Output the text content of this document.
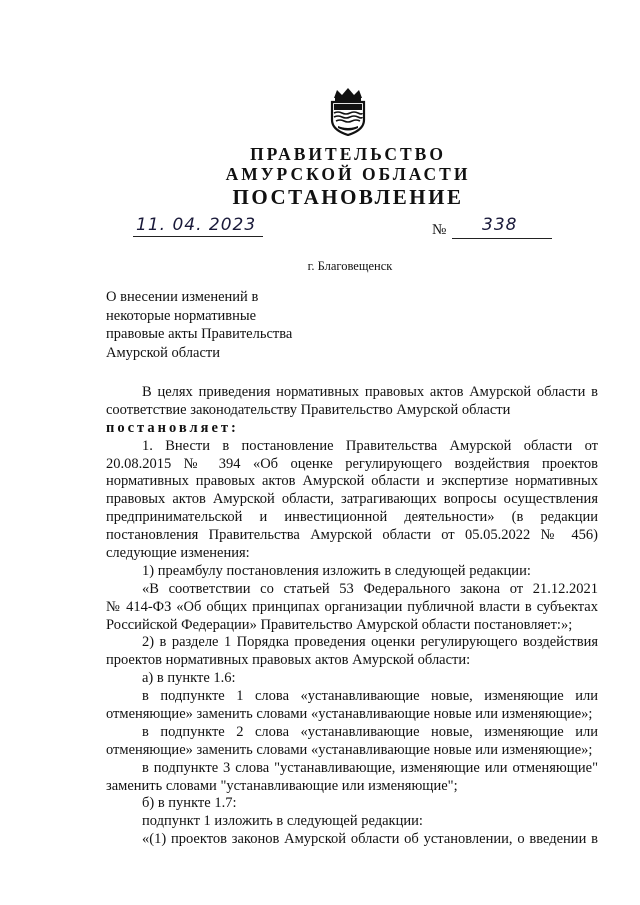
ПРАВИТЕЛЬСТВО
АМУРСКОЙ ОБЛАСТИ
ПОСТАНОВЛЕНИЕ
11. 04. 2023	№ 338
г. Благовещенск
О внесении изменений в
некоторые нормативные
правовые акты Правительства
Амурской области
В целях приведения нормативных правовых актов Амурской области в
соответствие законодательству Правительство Амурской области
постановляет:
1. Внести в постановление Правительства Амурской области от
20.08.2015 № 394 «Об оценке регулирующего воздействия проектов
нормативных правовых актов Амурской области и экспертизе нормативных
правовых актов Амурской области, затрагивающих вопросы осуществления
предпринимательской и инвестиционной деятельности» (в редакции
постановления Правительства Амурской области от 05.05.2022 № 456)
следующие изменения:
1) преамбулу постановления изложить в следующей редакции:
«В соответствии со статьей 53 Федерального закона от 21.12.2021
№ 414-ФЗ «Об общих принципах организации публичной власти в субъектах
Российской Федерации» Правительство Амурской области постановляет:»;
2) в разделе 1 Порядка проведения оценки регулирующего воздействия
проектов нормативных правовых актов Амурской области:
а) в пункте 1.6:
в подпункте 1 слова «устанавливающие новые, изменяющие или
отменяющие» заменить словами «устанавливающие новые или изменяющие»;
в подпункте 2 слова «устанавливающие новые, изменяющие или
отменяющие» заменить словами «устанавливающие новые или изменяющие»;
в подпункте 3 слова "устанавливающие, изменяющие или отменяющие"
заменить словами "устанавливающие или изменяющие";
б) в пункте 1.7:
подпункт 1 изложить в следующей редакции:
«(1) проектов законов Амурской области об установлении, о введении в
